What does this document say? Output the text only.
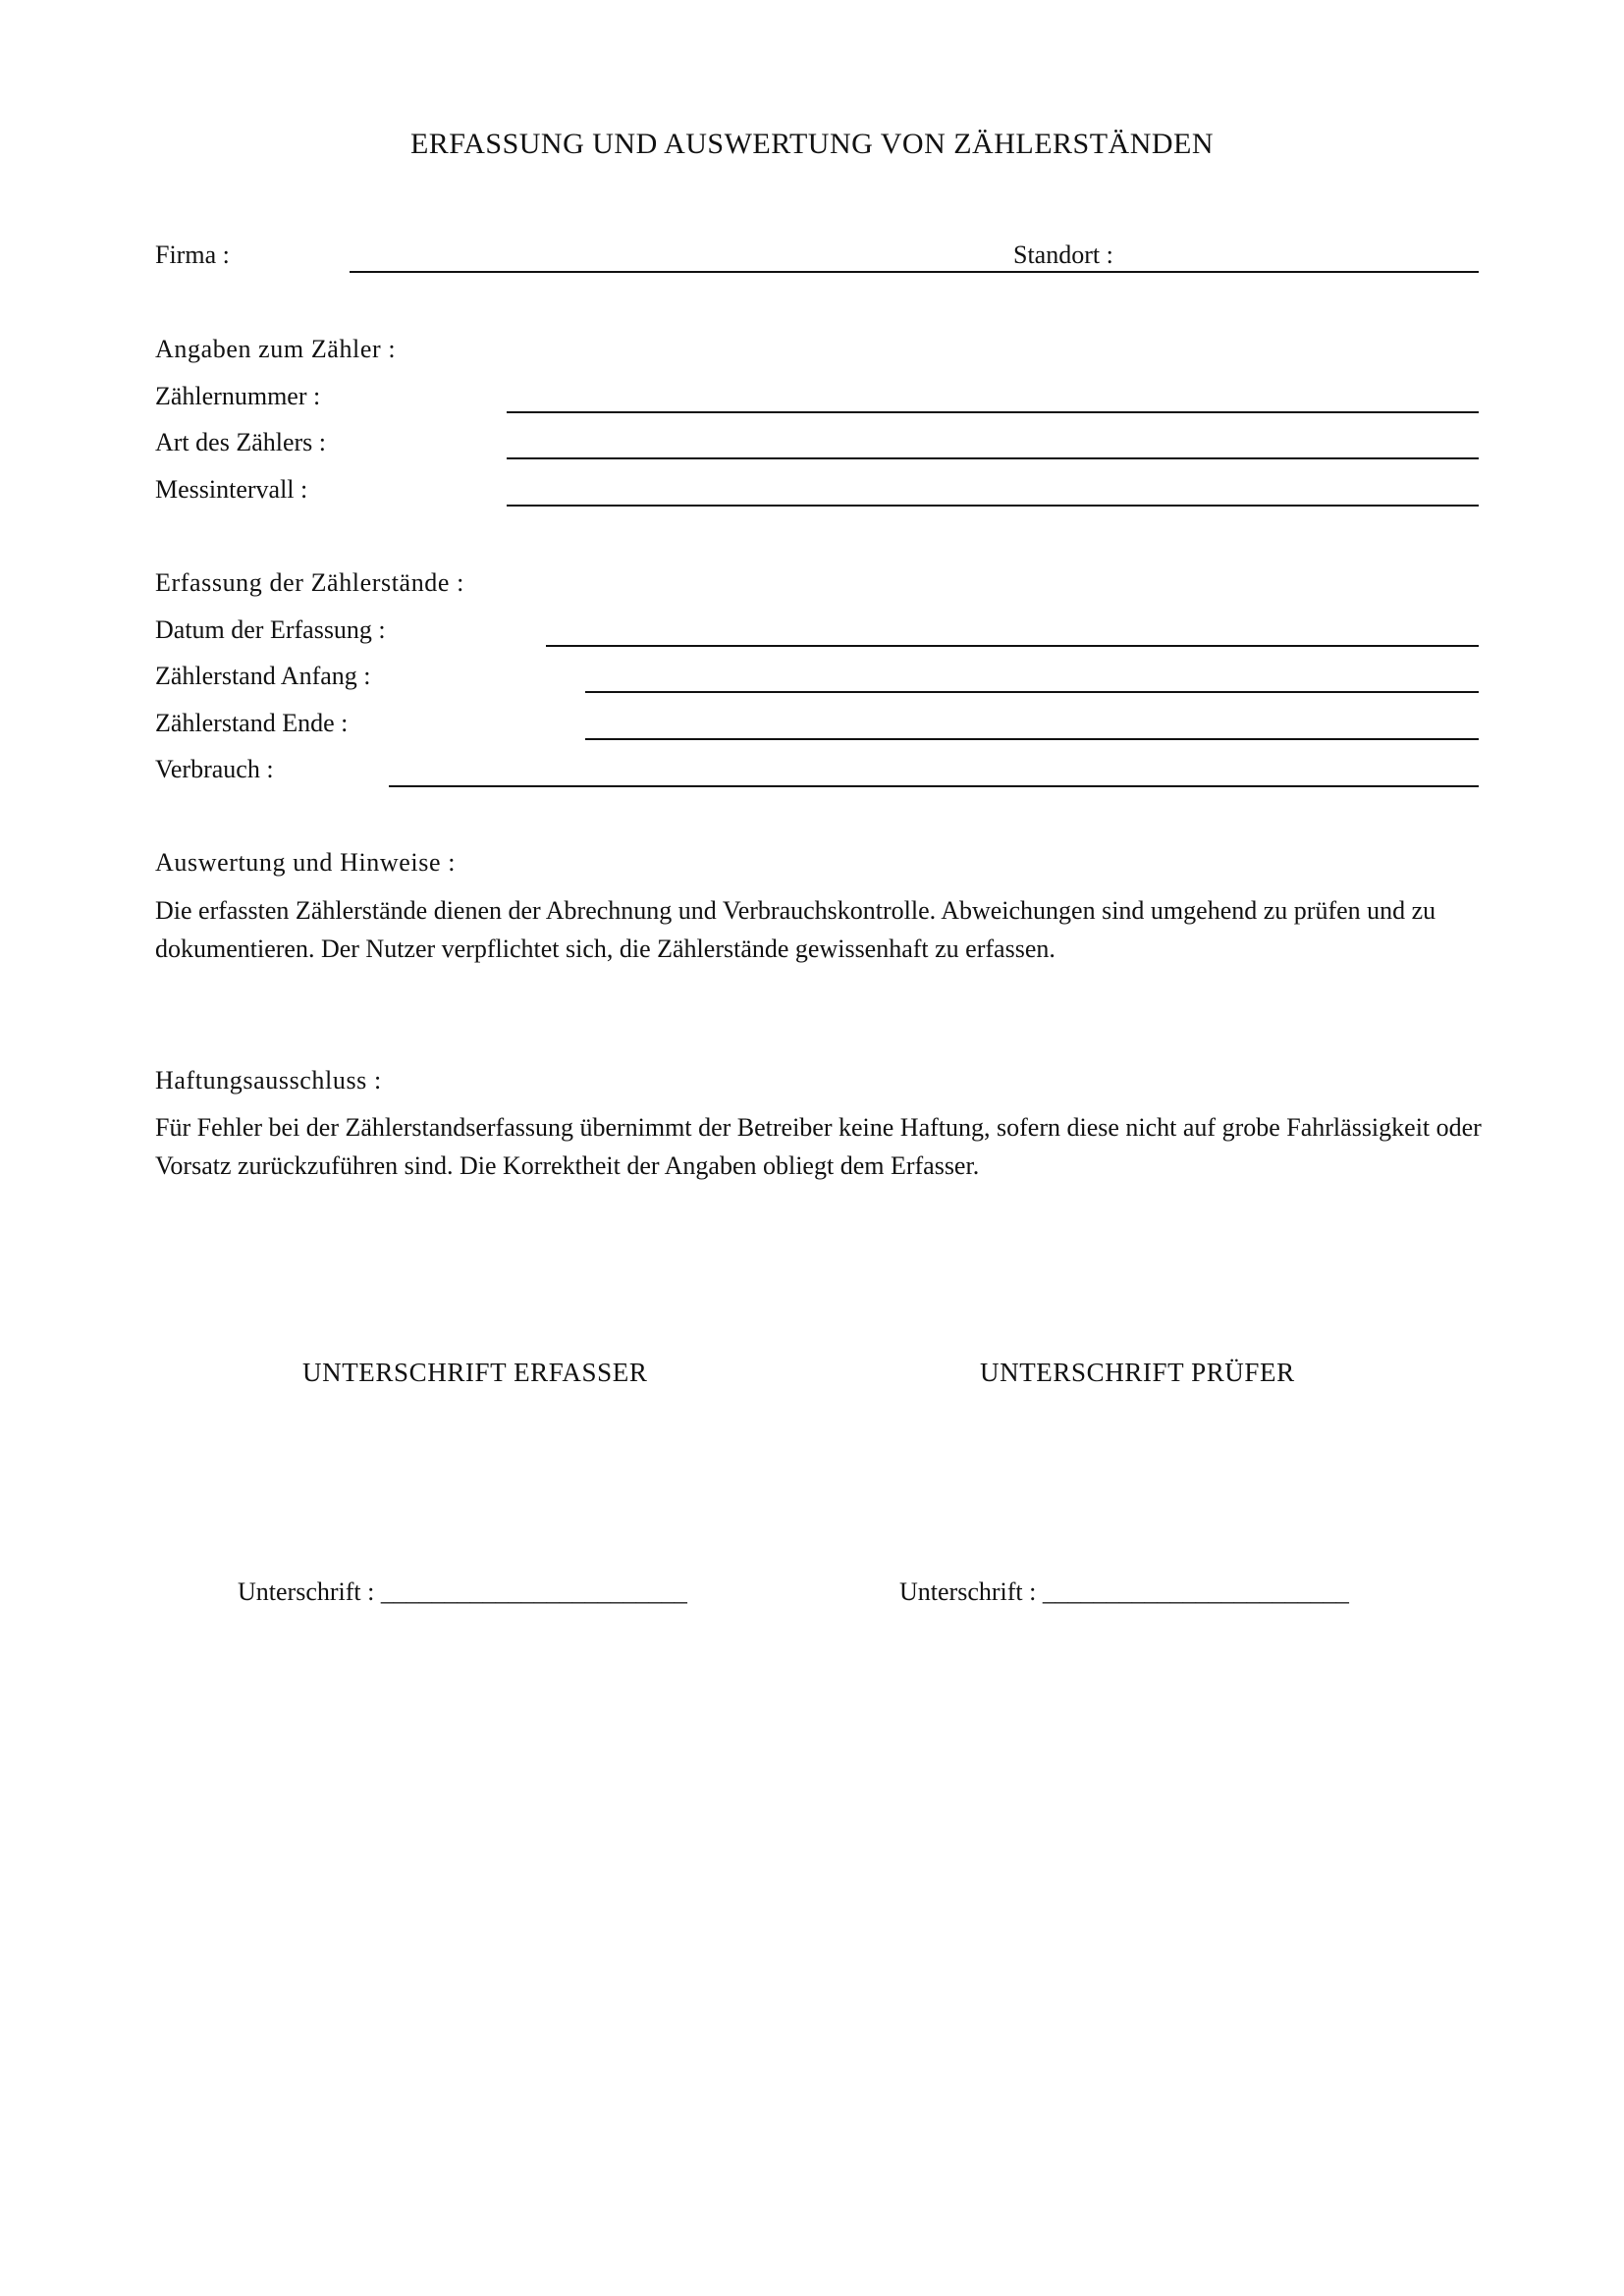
ERFASSUNG UND AUSWERTUNG VON ZÄHLERSTÄNDEN
Firma :	Standort :
Angaben zum Zähler :
Zählernummer :
Art des Zählers :
Messintervall :
Erfassung der Zählerstände :
Datum der Erfassung :
Zählerstand Anfang :
Zählerstand Ende :
Verbrauch :
Auswertung und Hinweise :
Die erfassten Zählerstände dienen der Abrechnung und Verbrauchskontrolle. Abweichungen sind umgehend zu prüfen und zu dokumentieren. Der Nutzer verpflichtet sich, die Zählerstände gewissenhaft zu erfassen.
Haftungsausschluss :
Für Fehler bei der Zählerstandserfassung übernimmt der Betreiber keine Haftung, sofern diese nicht auf grobe Fahrlässigkeit oder Vorsatz zurückzuführen sind. Die Korrektheit der Angaben obliegt dem Erfasser.
UNTERSCHRIFT ERFASSER	UNTERSCHRIFT PRÜFER
Unterschrift : ________________________	Unterschrift : ________________________
